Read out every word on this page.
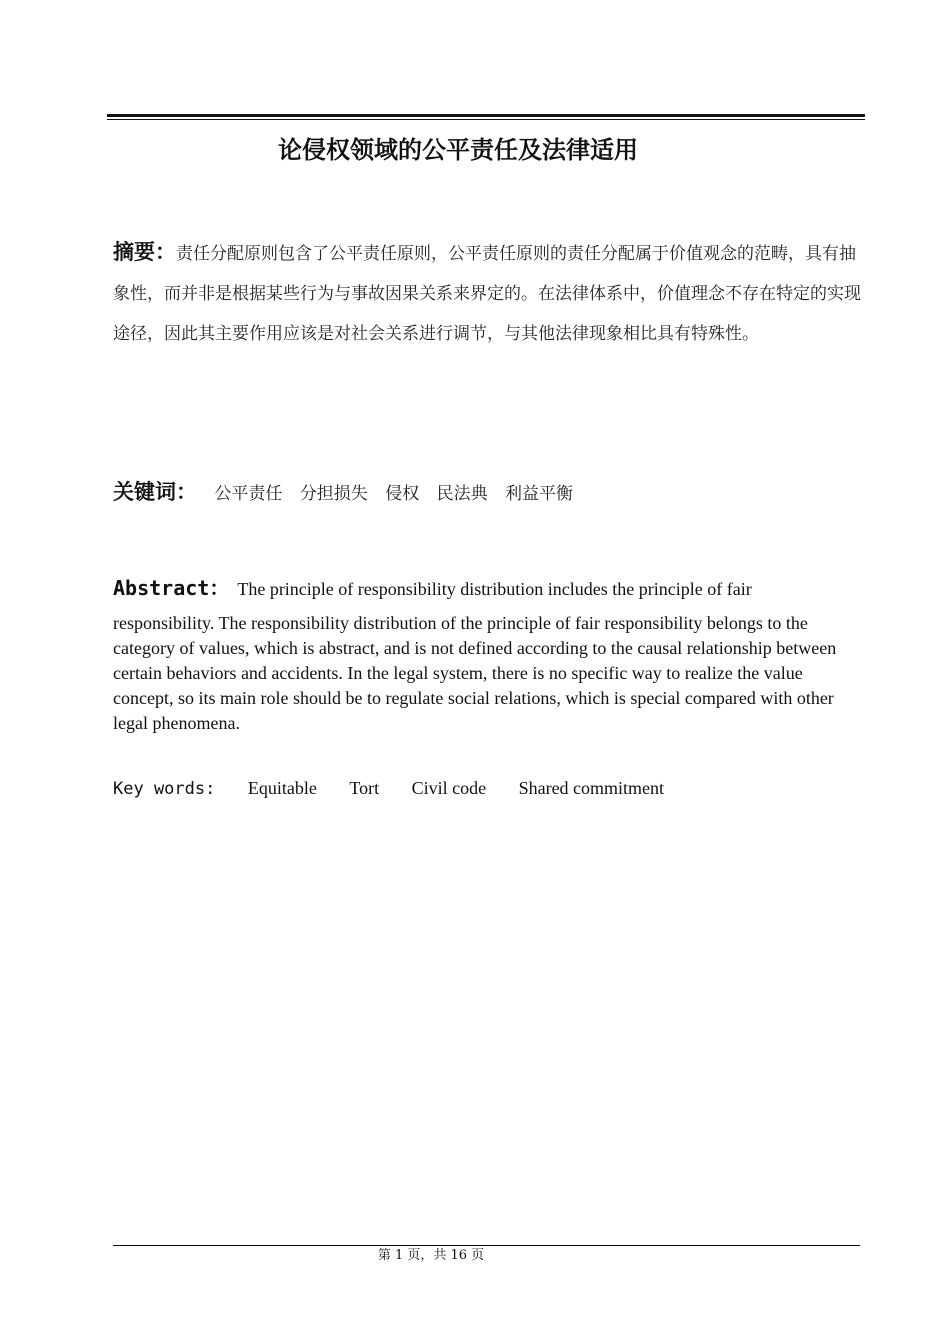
论侵权领域的公平责任及法律适用
摘要：责任分配原则包含了公平责任原则，公平责任原则的责任分配属于价值观念的范畴，具有抽象性，而并非是根据某些行为与事故因果关系来界定的。在法律体系中，价值理念不存在特定的实现途径，因此其主要作用应该是对社会关系进行调节，与其他法律现象相比具有特殊性。
关键词： 公平责任 分担损失 侵权 民法典 利益平衡
Abstract： The principle of responsibility distribution includes the principle of fair
responsibility. The responsibility distribution of the principle of fair responsibility belongs to the category of values, which is abstract, and is not defined according to the causal relationship between certain behaviors and accidents. In the legal system, there is no specific way to realize the value concept, so its main role should be to regulate social relations, which is special compared with other legal phenomena.
Key words: Equitable Tort Civil code Shared commitment
第 1 页，共 16 页
